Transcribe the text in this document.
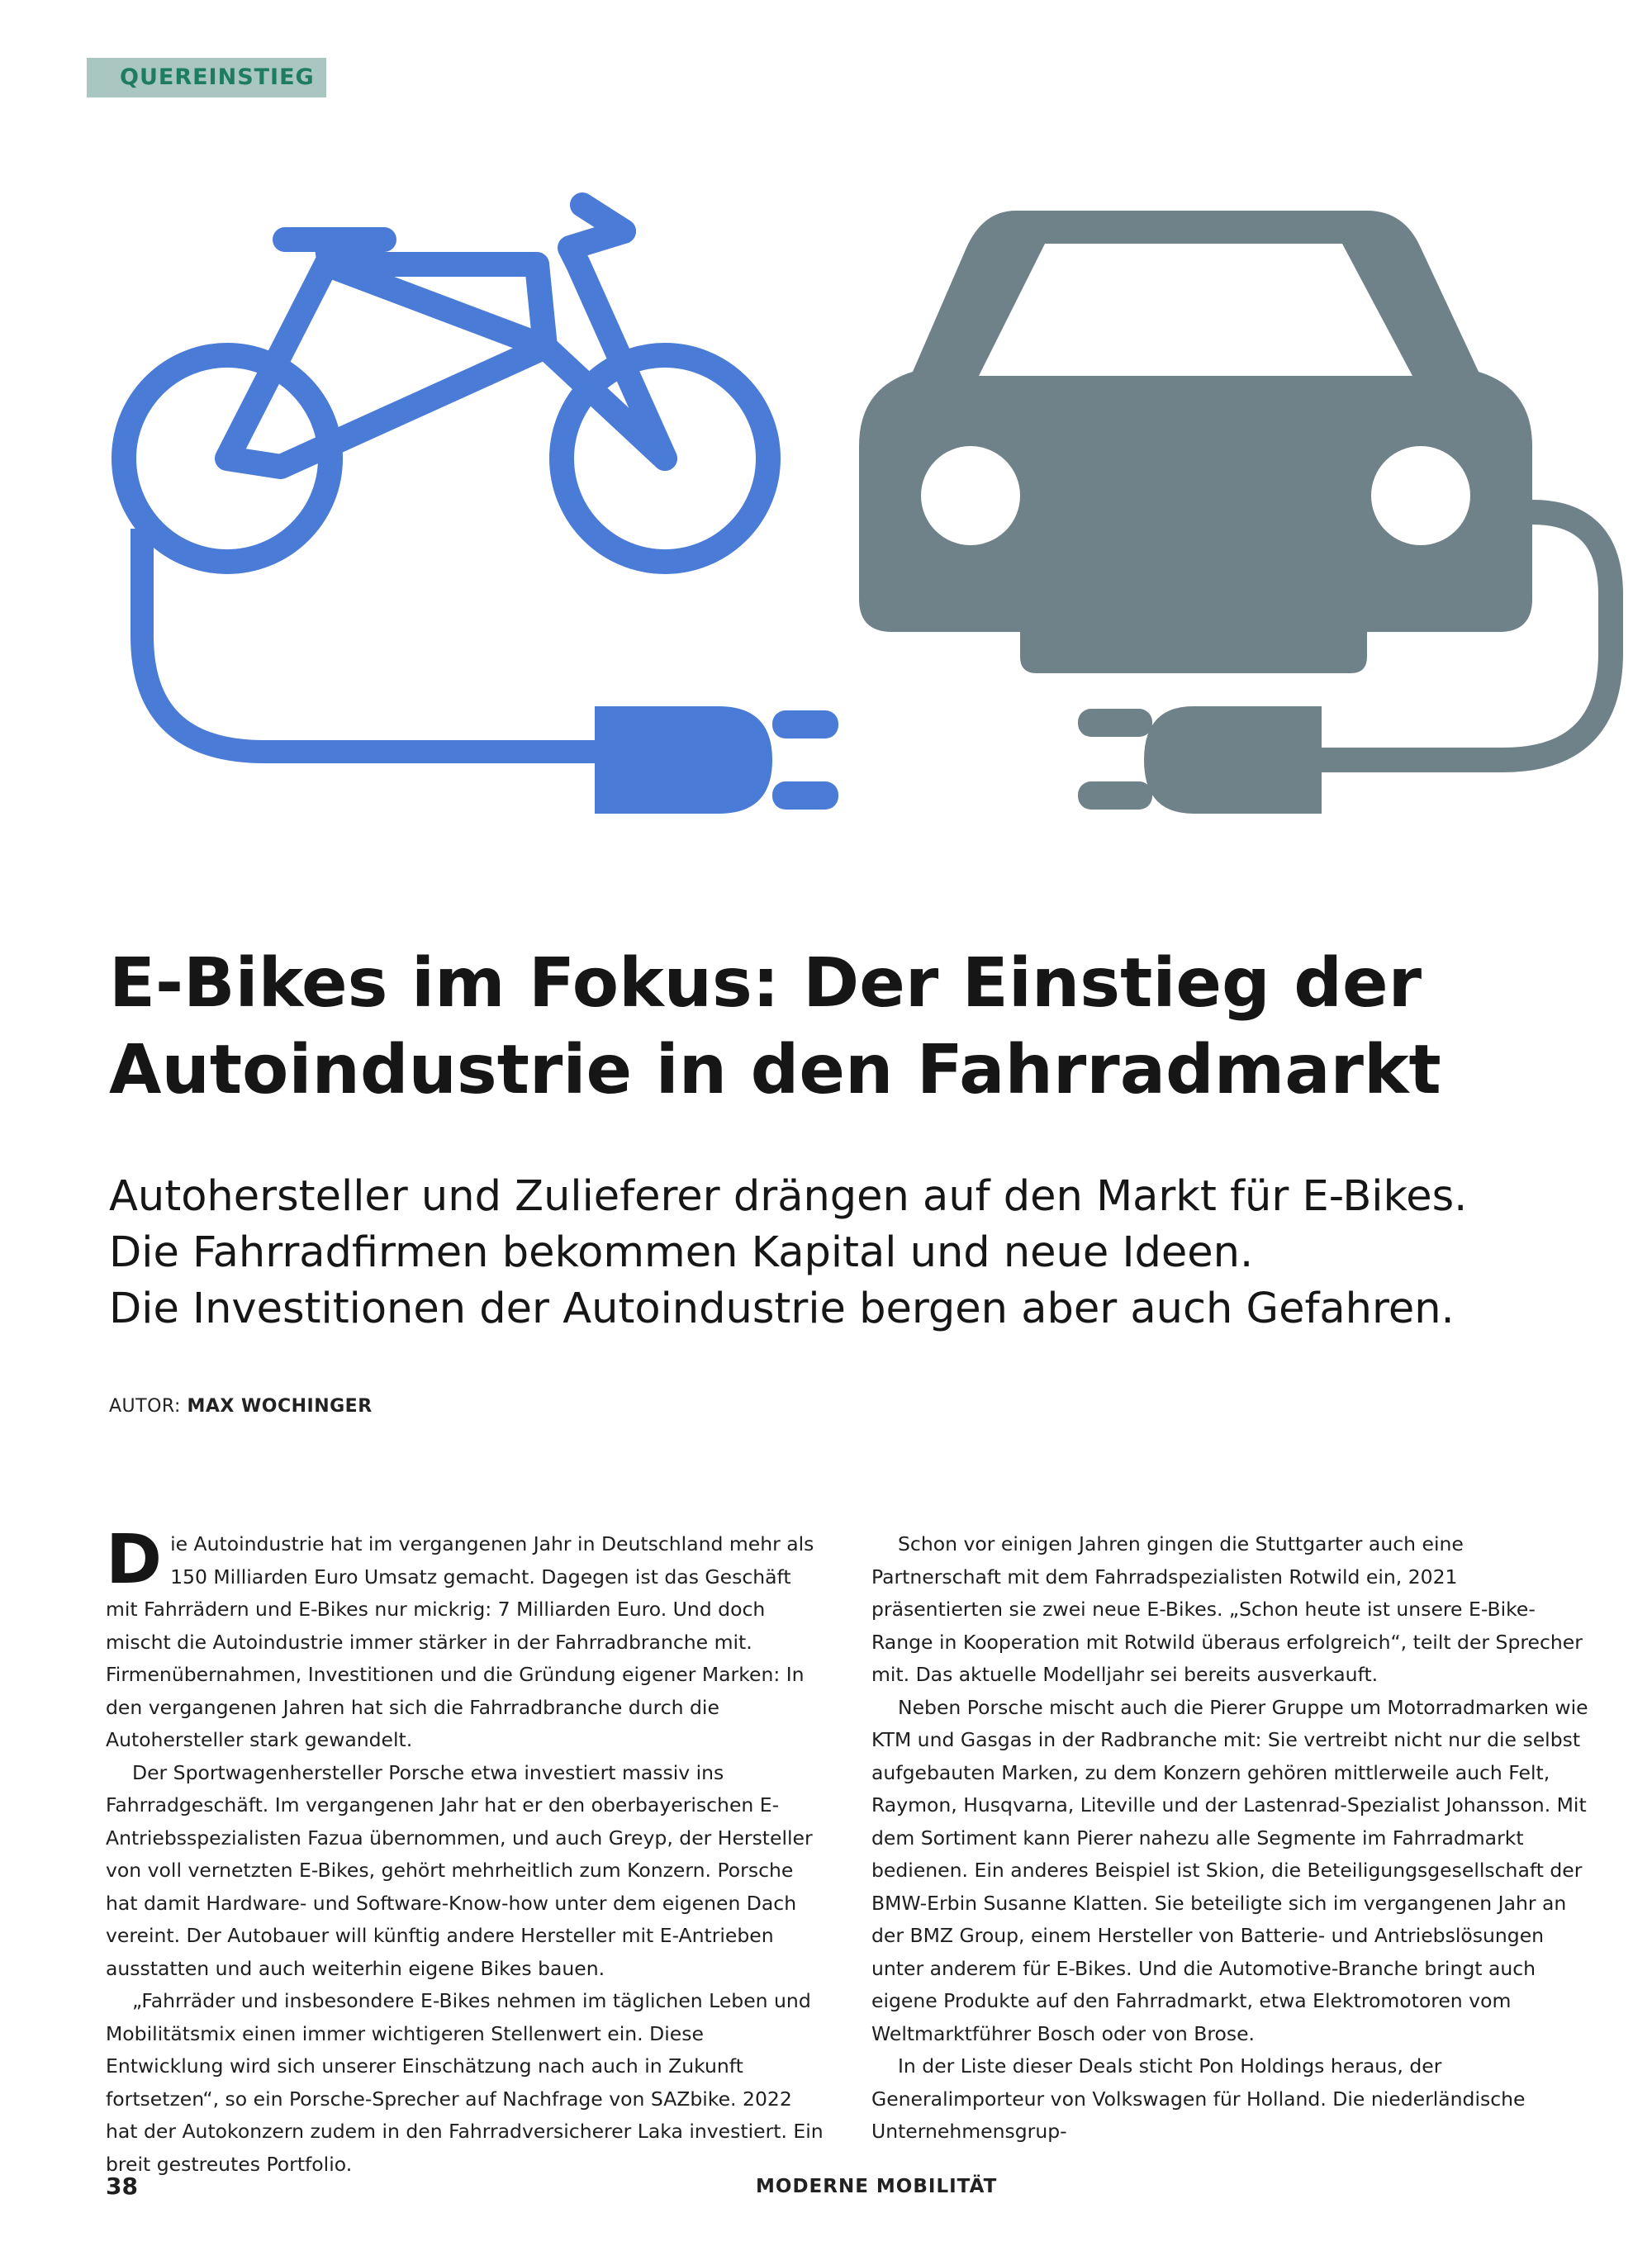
QUEREINSTIEG
E-Bikes im Fokus: Der Einstieg der Autoindustrie in den Fahrradmarkt
Autohersteller und Zulieferer drängen auf den Markt für E-Bikes.
Die Fahrradfirmen bekommen Kapital und neue Ideen.
Die Investitionen der Autoindustrie bergen aber auch Gefahren.
AUTOR: MAX WOCHINGER

Die Autoindustrie hat im vergangenen Jahr in Deutschland mehr als 150 Milliarden Euro Umsatz gemacht. Dagegen ist das Geschäft mit Fahrrädern und E-Bikes nur mickrig: 7 Milliarden Euro. Und doch mischt die Autoindustrie immer stärker in der Fahrradbranche mit. Firmenübernahmen, Investitionen und die Gründung eigener Marken: In den vergangenen Jahren hat sich die Fahrradbranche durch die Autohersteller stark gewandelt.

Der Sportwagenhersteller Porsche etwa investiert massiv ins Fahrradgeschäft. Im vergangenen Jahr hat er den oberbayerischen E-Antriebsspezialisten Fazua übernommen, und auch Greyp, der Hersteller von voll vernetzten E-Bikes, gehört mehrheitlich zum Konzern. Porsche hat damit Hardware- und Software-Know-how unter dem eigenen Dach vereint. Der Autobauer will künftig andere Hersteller mit E-Antrieben ausstatten und auch weiterhin eigene Bikes bauen.

„Fahrräder und insbesondere E-Bikes nehmen im täglichen Leben und Mobilitätsmix einen immer wichtigeren Stellenwert ein. Diese Entwicklung wird sich unserer Einschätzung nach auch in Zukunft fortsetzen“, so ein Porsche-Sprecher auf Nachfrage von SAZbike. 2022 hat der Autokonzern zudem in den Fahrradversicherer Laka investiert. Ein breit gestreutes Portfolio.

Schon vor einigen Jahren gingen die Stuttgarter auch eine Partnerschaft mit dem Fahrradspezialisten Rotwild ein, 2021 präsentierten sie zwei neue E-Bikes. „Schon heute ist unsere E-Bike-Range in Kooperation mit Rotwild überaus erfolgreich“, teilt der Sprecher mit. Das aktuelle Modelljahr sei bereits ausverkauft.

Neben Porsche mischt auch die Pierer Gruppe um Motorradmarken wie KTM und Gasgas in der Radbranche mit: Sie vertreibt nicht nur die selbst aufgebauten Marken, zu dem Konzern gehören mittlerweile auch Felt, Raymon, Husqvarna, Liteville und der Lastenrad-Spezialist Johansson. Mit dem Sortiment kann Pierer nahezu alle Segmente im Fahrradmarkt bedienen. Ein anderes Beispiel ist Skion, die Beteiligungsgesellschaft der BMW-Erbin Susanne Klatten. Sie beteiligte sich im vergangenen Jahr an der BMZ Group, einem Hersteller von Batterie- und Antriebslösungen unter anderem für E-Bikes. Und die Automotive-Branche bringt auch eigene Produkte auf den Fahrradmarkt, etwa Elektromotoren vom Weltmarktführer Bosch oder von Brose.

In der Liste dieser Deals sticht Pon Holdings heraus, der Generalimporteur von Volkswagen für Holland. Die niederländische Unternehmensgrup-

38	MODERNE MOBILITÄT
